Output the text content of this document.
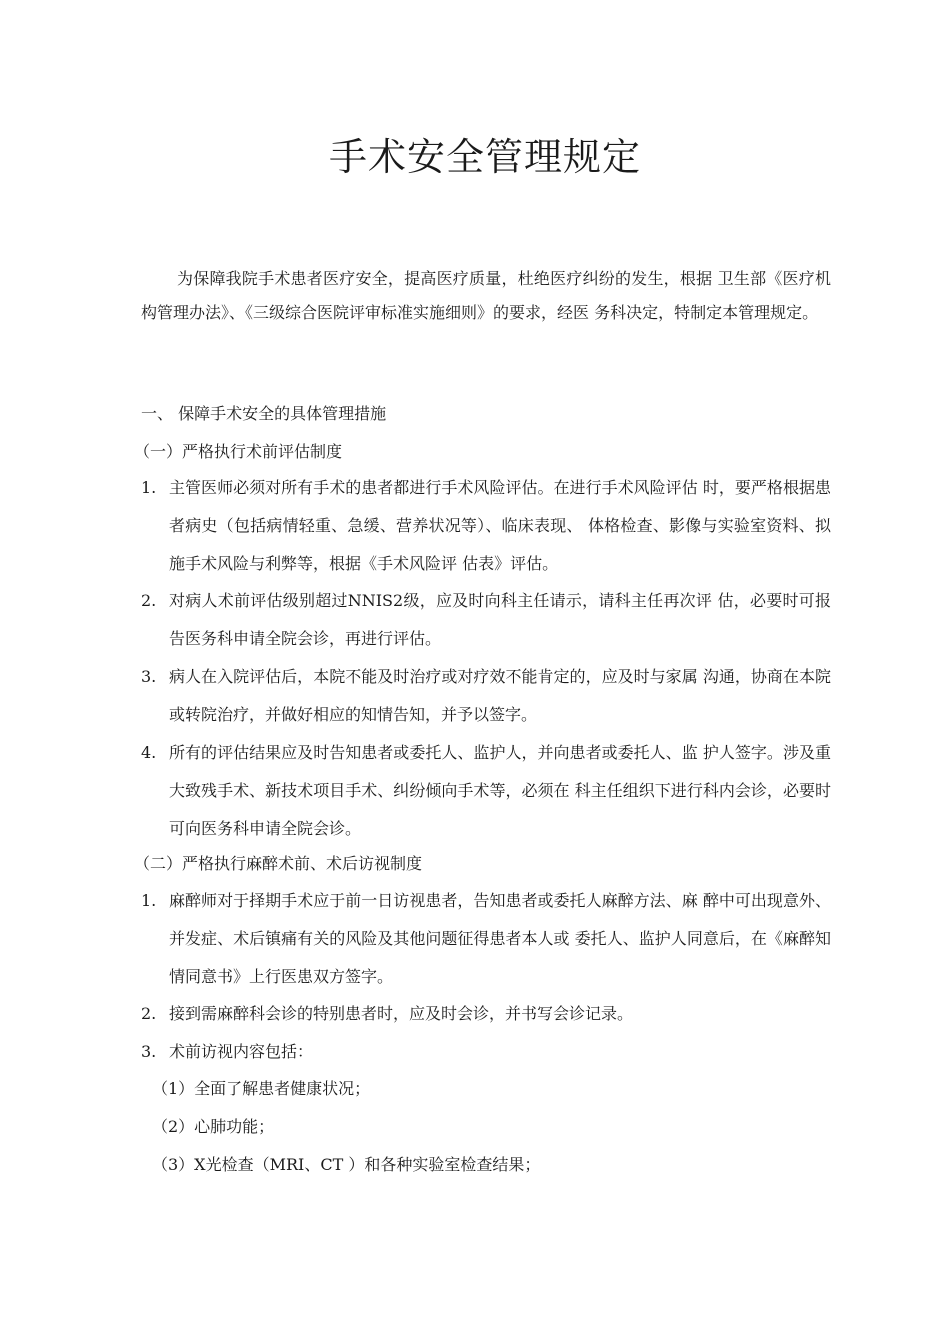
手术安全管理规定

为保障我院手术患者医疗安全，提高医疗质量，杜绝医疗纠纷的发生，根据 卫生部《医疗机构管理办法》、《三级综合医院评审标准实施细则》的要求，经医 务科决定，特制定本管理规定。

一、 保障手术安全的具体管理措施
（一）严格执行术前评估制度
1. 主管医师必须对所有手术的患者都进行手术风险评估。在进行手术风险评估 时，要严格根据患者病史（包括病情轻重、急缓、营养状况等）、临床表现、 体格检查、影像与实验室资料、拟施手术风险与利弊等，根据《手术风险评 估表》评估。
2. 对病人术前评估级别超过NNIS2级，应及时向科主任请示，请科主任再次评 估，必要时可报告医务科申请全院会诊，再进行评估。
3. 病人在入院评估后，本院不能及时治疗或对疗效不能肯定的，应及时与家属 沟通，协商在本院或转院治疗，并做好相应的知情告知，并予以签字。
4. 所有的评估结果应及时告知患者或委托人、监护人，并向患者或委托人、监 护人签字。涉及重大致残手术、新技术项目手术、纠纷倾向手术等，必须在 科主任组织下进行科内会诊，必要时可向医务科申请全院会诊。
（二）严格执行麻醉术前、术后访视制度
1. 麻醉师对于择期手术应于前一日访视患者，告知患者或委托人麻醉方法、麻 醉中可出现意外、并发症、术后镇痛有关的风险及其他问题征得患者本人或 委托人、监护人同意后，在《麻醉知情同意书》上行医患双方签字。
2. 接到需麻醉科会诊的特别患者时，应及时会诊，并书写会诊记录。
3. 术前访视内容包括：
（1）全面了解患者健康状况；
（2）心肺功能；
（3）X光检查（MRI、CT ）和各种实验室检查结果；
